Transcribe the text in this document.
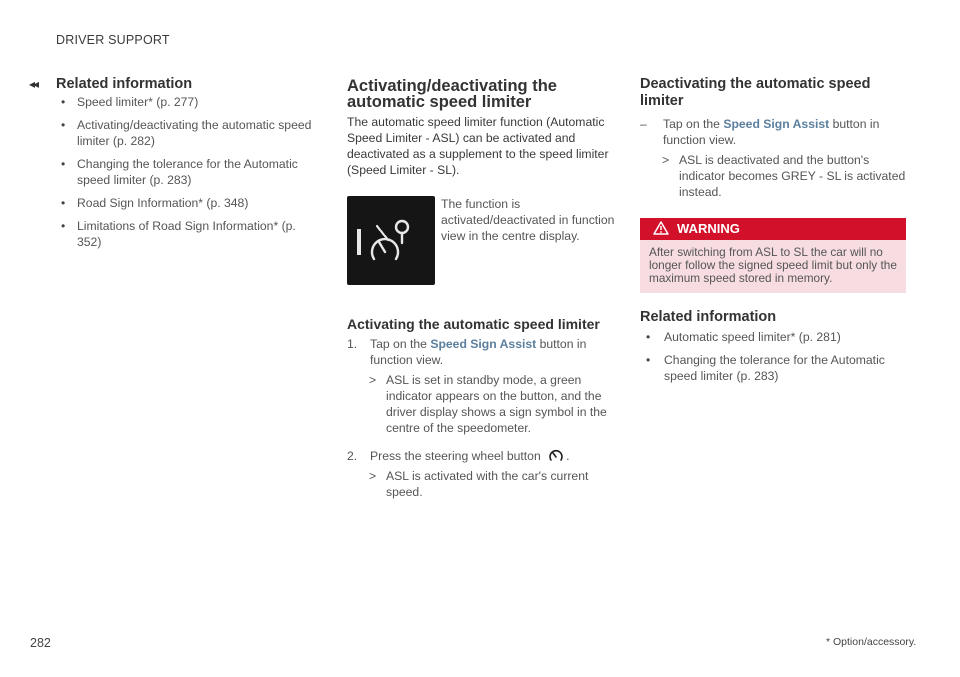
DRIVER SUPPORT
◂◂ Related information
• Speed limiter* (p. 277)
• Activating/deactivating the automatic speed limiter (p. 282)
• Changing the tolerance for the Automatic speed limiter (p. 283)
• Road Sign Information* (p. 348)
• Limitations of Road Sign Information* (p. 352)
Activating/deactivating the automatic speed limiter

The automatic speed limiter function (Automatic Speed Limiter - ASL) can be activated and deactivated as a supplement to the speed limiter (Speed Limiter - SL).

The function is activated/deactivated in function view in the centre display.
Activating the automatic speed limiter
1. Tap on the Speed Sign Assist button in function view.
> ASL is set in standby mode, a green indicator appears on the button, and the driver display shows a sign symbol in the centre of the speedometer.
2. Press the steering wheel button .
> ASL is activated with the car's current speed.
Deactivating the automatic speed limiter
– Tap on the Speed Sign Assist button in function view.
> ASL is deactivated and the button's indicator becomes GREY - SL is activated instead.
WARNING
After switching from ASL to SL the car will no longer follow the signed speed limit but only the maximum speed stored in memory.
Related information
• Automatic speed limiter* (p. 281)
• Changing the tolerance for the Automatic speed limiter (p. 283)
282	* Option/accessory.
